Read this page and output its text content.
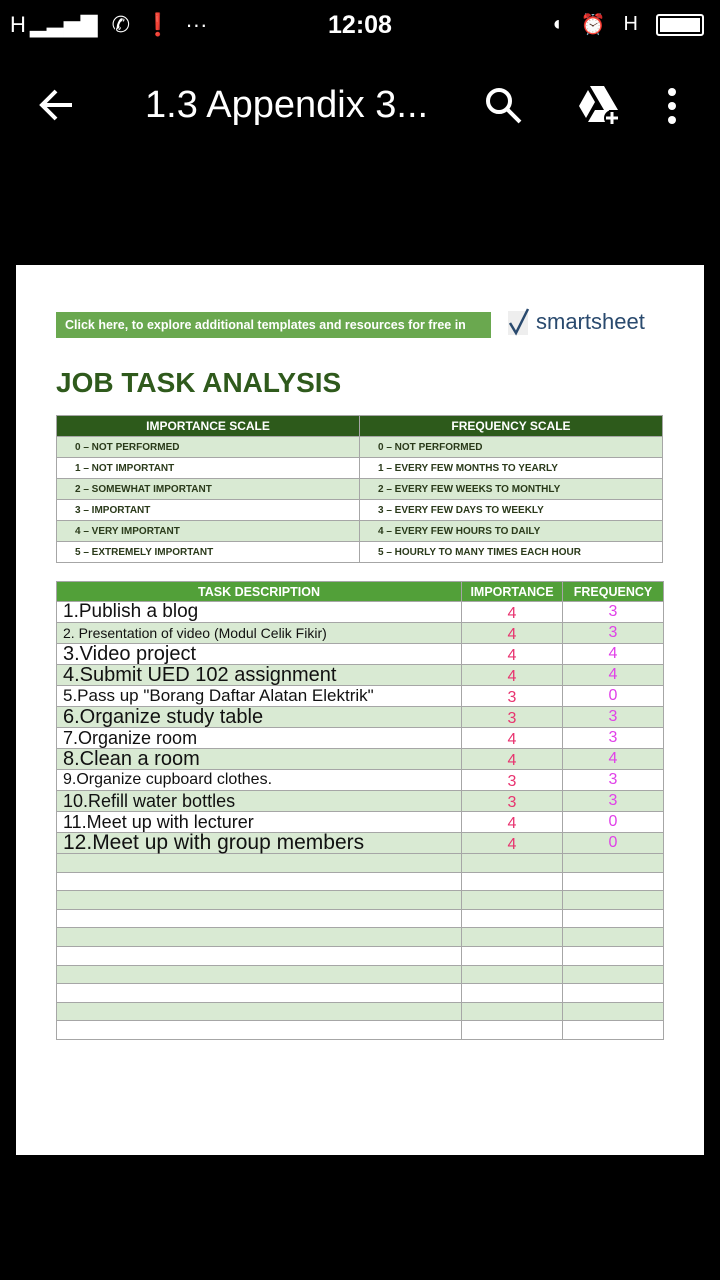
H ▂▃▅▇ ✆ ❗ ···	12:08	◖ ⏰ H
1.3 Appendix 3...
Click here, to explore additional templates and resources for free in	smartsheet
JOB TASK ANALYSIS
IMPORTANCE SCALE	FREQUENCY SCALE
0 – NOT PERFORMED	0 – NOT PERFORMED
1 – NOT IMPORTANT	1 – EVERY FEW MONTHS TO YEARLY
2 – SOMEWHAT IMPORTANT	2 – EVERY FEW WEEKS TO MONTHLY
3 – IMPORTANT	3 – EVERY FEW DAYS TO WEEKLY
4 – VERY IMPORTANT	4 – EVERY FEW HOURS TO DAILY
5 – EXTREMELY IMPORTANT	5 – HOURLY TO MANY TIMES EACH HOUR
TASK DESCRIPTION	IMPORTANCE	FREQUENCY
1.Publish a blog	4	3
2. Presentation of video (Modul Celik Fikir)	4	3
3.Video project	4	4
4.Submit UED 102 assignment	4	4
5.Pass up "Borang Daftar Alatan Elektrik"	3	0
6.Organize study table	3	3
7.Organize room	4	3
8.Clean a room	4	4
9.Organize cupboard clothes.	3	3
10.Refill water bottles	3	3
11.Meet up with lecturer	4	0
12.Meet up with group members	4	0
